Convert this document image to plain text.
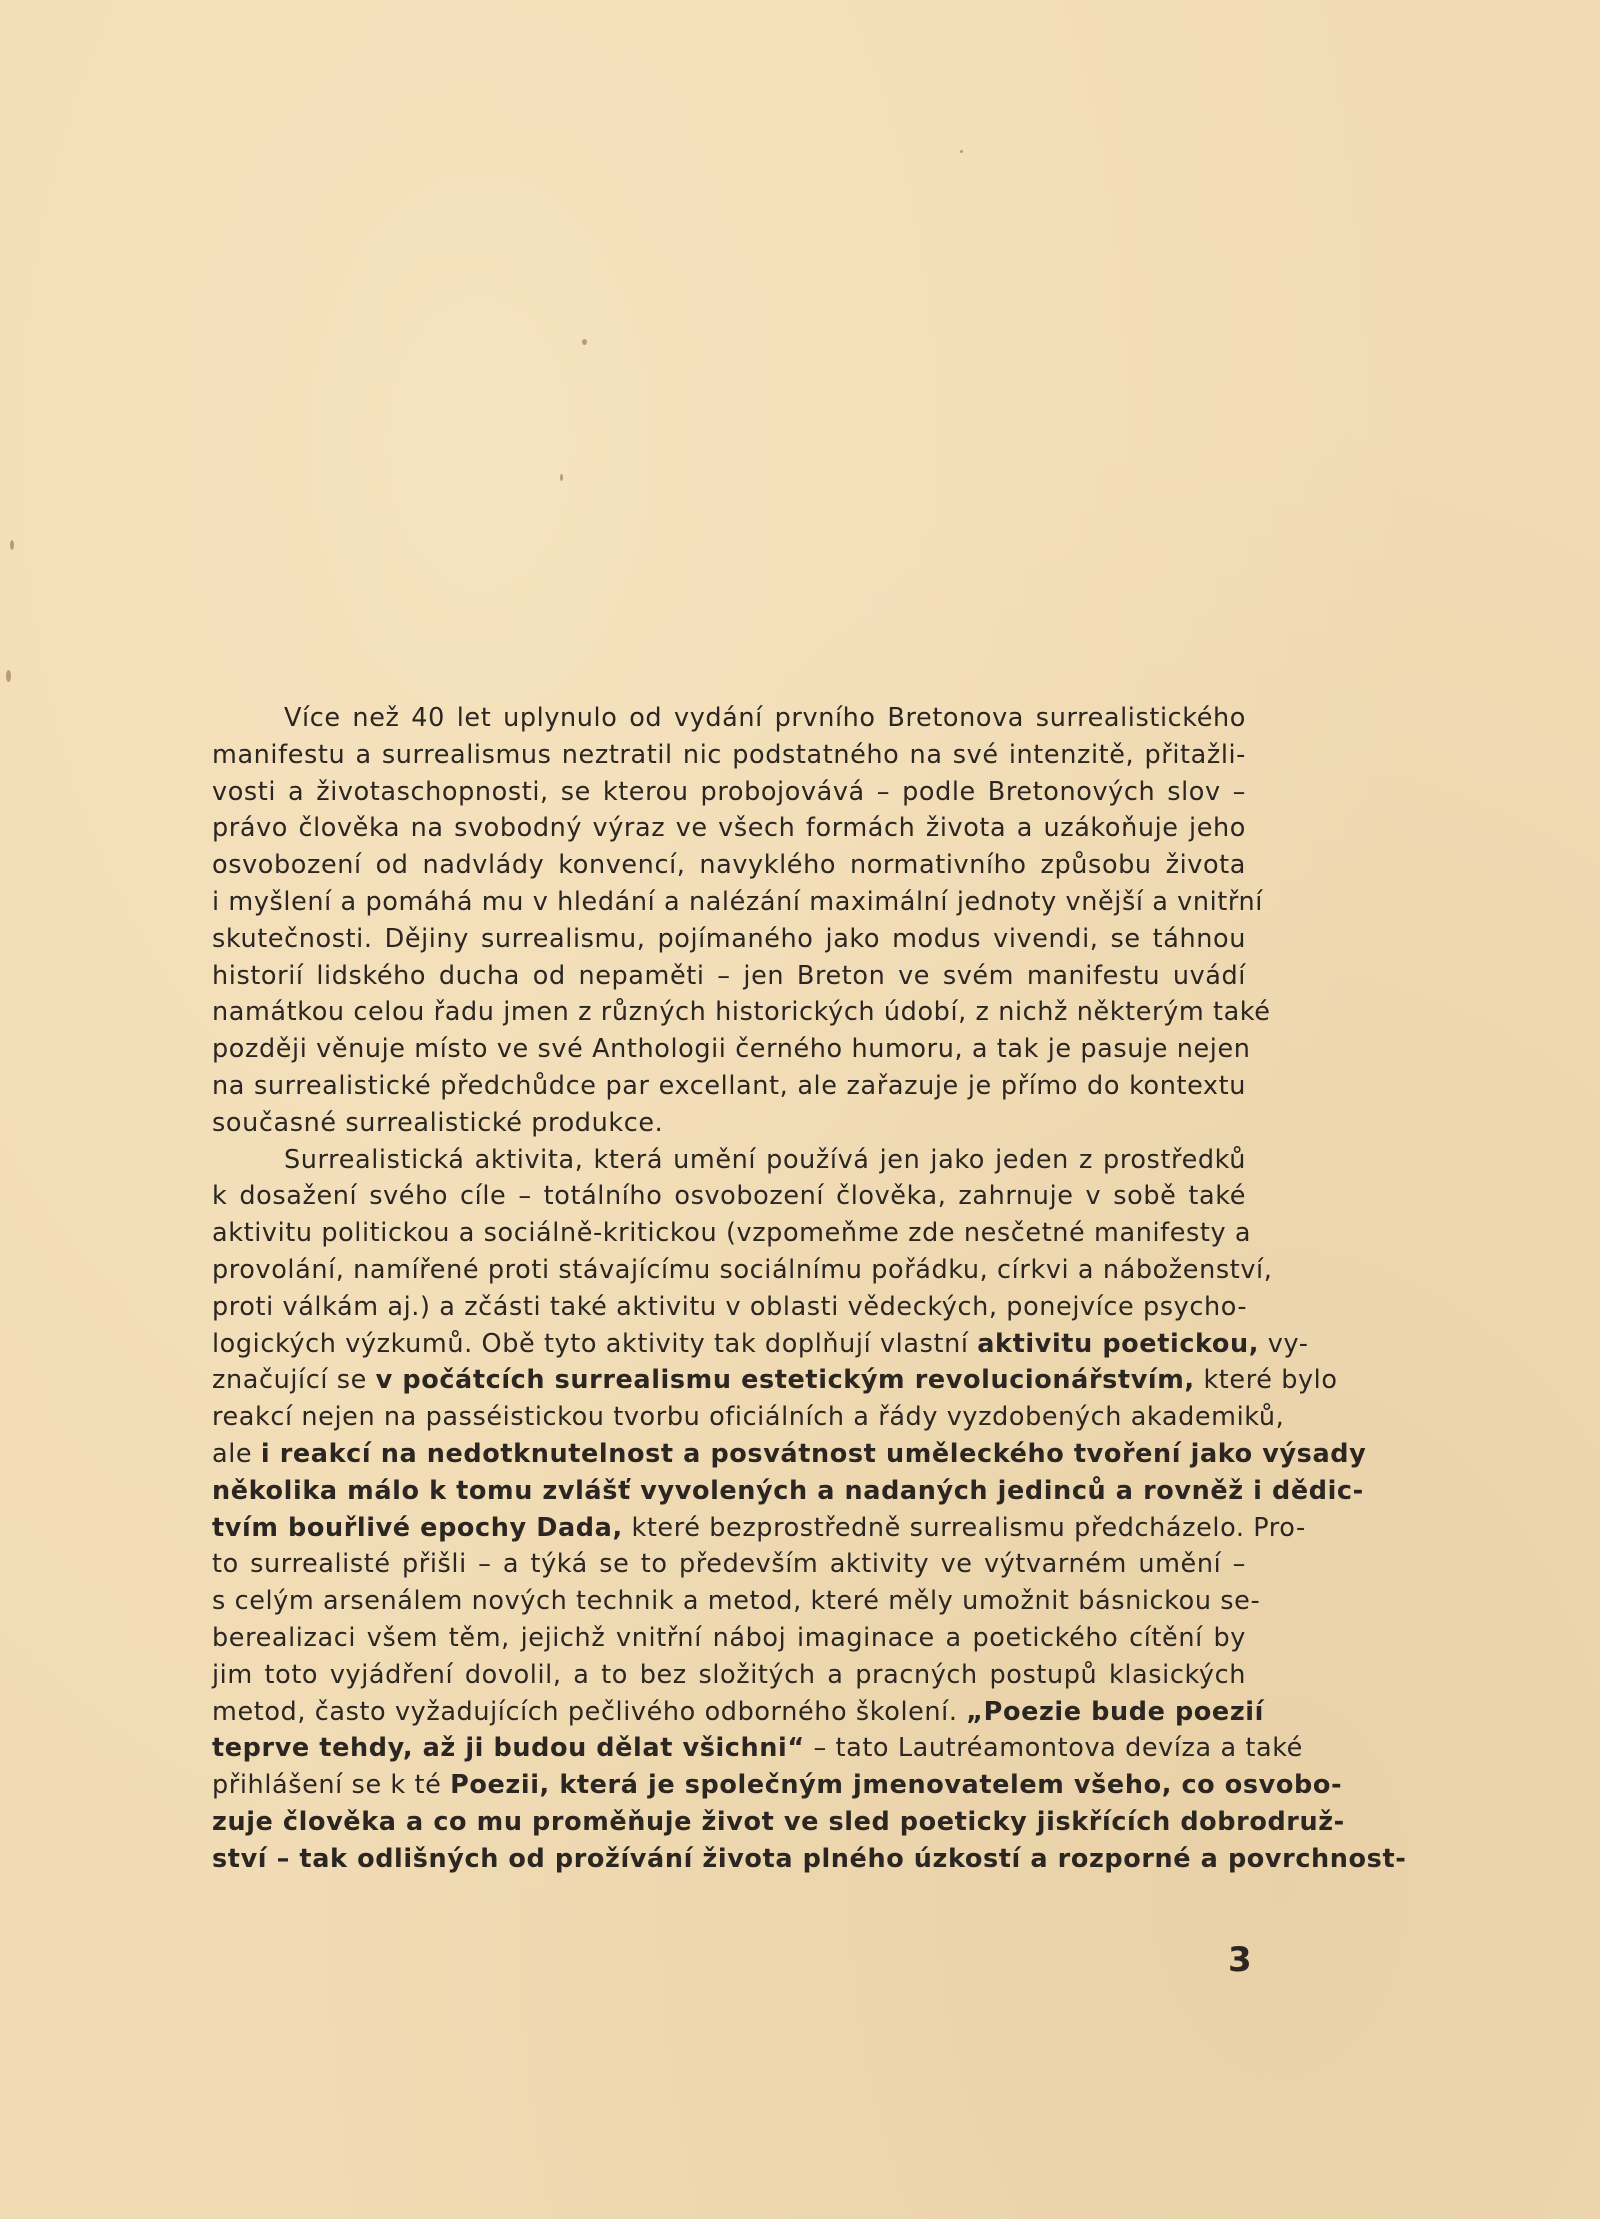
Více než 40 let uplynulo od vydání prvního Bretonova surrealistického
manifestu a surrealismus neztratil nic podstatného na své intenzitě, přitažli-
vosti a životaschopnosti, se kterou probojovává – podle Bretonových slov –
právo člověka na svobodný výraz ve všech formách života a uzákoňuje jeho
osvobození od nadvlády konvencí, navyklého normativního způsobu života
i myšlení a pomáhá mu v hledání a nalézání maximální jednoty vnější a vnitřní
skutečnosti. Dějiny surrealismu, pojímaného jako modus vivendi, se táhnou
historií lidského ducha od nepaměti – jen Breton ve svém manifestu uvádí
namátkou celou řadu jmen z různých historických údobí, z nichž některým také
později věnuje místo ve své Anthologii černého humoru, a tak je pasuje nejen
na surrealistické předchůdce par excellant, ale zařazuje je přímo do kontextu
současné surrealistické produkce.
Surrealistická aktivita, která umění používá jen jako jeden z prostředků
k dosažení svého cíle – totálního osvobození člověka, zahrnuje v sobě také
aktivitu politickou a sociálně-kritickou (vzpomeňme zde nesčetné manifesty a
provolání, namířené proti stávajícímu sociálnímu pořádku, církvi a náboženství,
proti válkám aj.) a zčásti také aktivitu v oblasti vědeckých, ponejvíce psycho-
logických výzkumů. Obě tyto aktivity tak doplňují vlastní aktivitu poetickou, vy-
značující se v počátcích surrealismu estetickým revolucionářstvím, které bylo
reakcí nejen na passéistickou tvorbu oficiálních a řády vyzdobených akademiků,
ale i reakcí na nedotknutelnost a posvátnost uměleckého tvoření jako výsady
několika málo k tomu zvlášť vyvolených a nadaných jedinců a rovněž i dědic-
tvím bouřlivé epochy Dada, které bezprostředně surrealismu předcházelo. Pro-
to surrealisté přišli – a týká se to především aktivity ve výtvarném umění –
s celým arsenálem nových technik a metod, které měly umožnit básnickou se-
berealizaci všem těm, jejichž vnitřní náboj imaginace a poetického cítění by
jim toto vyjádření dovolil, a to bez složitých a pracných postupů klasických
metod, často vyžadujících pečlivého odborného školení. „Poezie bude poezií
teprve tehdy, až ji budou dělat všichni“ – tato Lautréamontova devíza a také
přihlášení se k té Poezii, která je společným jmenovatelem všeho, co osvobo-
zuje člověka a co mu proměňuje život ve sled poeticky jiskřících dobrodruž-
ství – tak odlišných od prožívání života plného úzkostí a rozporné a povrchnost-
3
